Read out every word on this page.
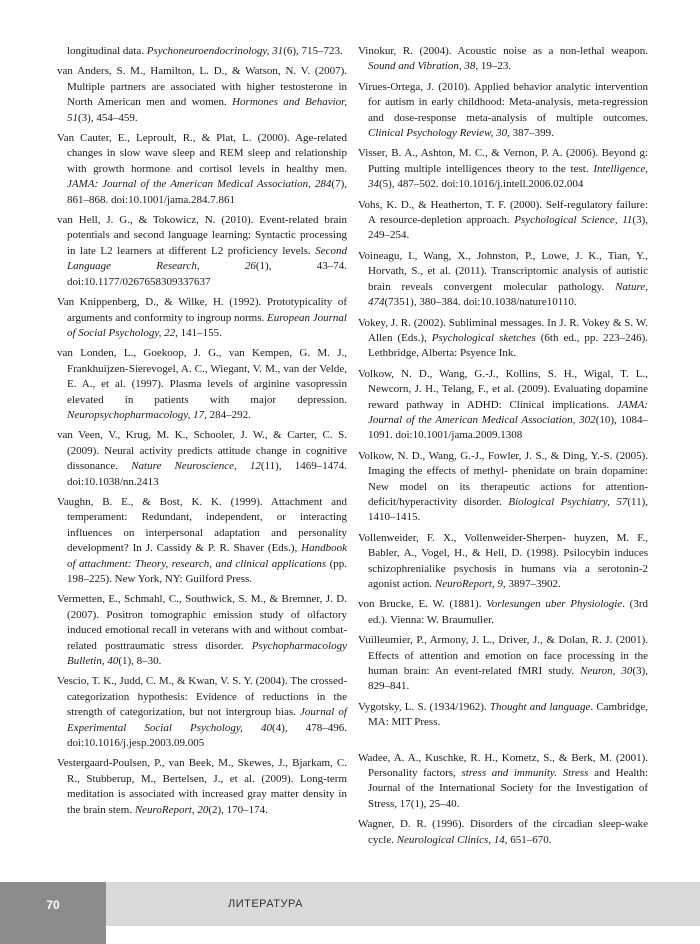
longitudinal data. Psychoneuroendocrinology, 31(6), 715–723.

van Anders, S. M., Hamilton, L. D., & Watson, N. V. (2007). Multiple partners are associated with higher testosterone in North American men and women. Hormones and Behavior, 51(3), 454–459.

Van Cauter, E., Leproult, R., & Plat, L. (2000). Age-related changes in slow wave sleep and REM sleep and relationship with growth hormone and cortisol levels in healthy men. JAMA: Journal of the American Medical Association, 284(7), 861–868. doi:10.1001/jama.284.7.861

van Hell, J. G., & Tokowicz, N. (2010). Event-related brain potentials and second language learning: Syntactic processing in late L2 learners at different L2 proficiency levels. Second Language Research, 26(1), 43–74. doi:10.1177/0267658309337637

Van Knippenberg, D., & Wilke, H. (1992). Prototypicality of arguments and conformity to ingroup norms. European Journal of Social Psychology, 22, 141–155.

van Londen, L., Goekoop, J. G., van Kempen, G. M. J., Frankhuijzen-Sierevogel, A. C., Wiegant, V. M., van der Velde, E. A., et al. (1997). Plasma levels of arginine vasopressin elevated in patients with major depression. Neuropsychopharmacology, 17, 284–292.

van Veen, V., Krug, M. K., Schooler, J. W., & Carter, C. S. (2009). Neural activity predicts attitude change in cognitive dissonance. Nature Neuroscience, 12(11), 1469–1474. doi:10.1038/nn.2413

Vaughn, B. E., & Bost, K. K. (1999). Attachment and temperament: Redundant, independent, or interacting influences on interpersonal adaptation and personality development? In J. Cassidy & P. R. Shaver (Eds.), Handbook of attachment: Theory, research, and clinical applications (pp. 198–225). New York, NY: Guilford Press.

Vermetten, E., Schmahl, C., Southwick, S. M., & Bremner, J. D. (2007). Positron tomographic emission study of olfactory induced emotional recall in veterans with and without combat-related posttraumatic stress disorder. Psychopharmacology Bulletin, 40(1), 8–30.

Vescio, T. K., Judd, C. M., & Kwan, V. S. Y. (2004). The crossed-categorization hypothesis: Evidence of reductions in the strength of categorization, but not intergroup bias. Journal of Experimental Social Psychology, 40(4), 478–496. doi:10.1016/j.jesp.2003.09.005

Vestergaard-Poulsen, P., van Beek, M., Skewes, J., Bjarkam, C. R., Stubberup, M., Bertelsen, J., et al. (2009). Long-term meditation is associated with increased gray matter density in the brain stem. NeuroReport, 20(2), 170–174.

Vinokur, R. (2004). Acoustic noise as a non-lethal weapon. Sound and Vibration, 38, 19–23.

Virues-Ortega, J. (2010). Applied behavior analytic intervention for autism in early childhood: Meta-analysis, meta-regression and dose-response meta-analysis of multiple outcomes. Clinical Psychology Review, 30, 387–399.

Visser, B. A., Ashton, M. C., & Vernon, P. A. (2006). Beyond g: Putting multiple intelligences theory to the test. Intelligence, 34(5), 487–502. doi:10.1016/j.intell.2006.02.004

Vohs, K. D., & Heatherton, T. F. (2000). Self-regulatory failure: A resource-depletion approach. Psychological Science, 11(3), 249–254.

Voineagu, I., Wang, X., Johnston, P., Lowe, J. K., Tian, Y., Horvath, S., et al. (2011). Transcriptomic analysis of autistic brain reveals convergent molecular pathology. Nature, 474(7351), 380–384. doi:10.1038/nature10110.

Vokey, J. R. (2002). Subliminal messages. In J. R. Vokey & S. W. Allen (Eds.), Psychological sketches (6th ed., pp. 223–246). Lethbridge, Alberta: Psyence Ink.

Volkow, N. D., Wang, G.-J., Kollins, S. H., Wigal, T. L., Newcorn, J. H., Telang, F., et al. (2009). Evaluating dopamine reward pathway in ADHD: Clinical implications. JAMA: Journal of the American Medical Association, 302(10), 1084–1091. doi:10.1001/jama.2009.1308

Volkow, N. D., Wang, G.-J., Fowler, J. S., & Ding, Y.-S. (2005). Imaging the effects of methyl- phenidate on brain dopamine: New model on its therapeutic actions for attention-deficit/hyperactivity disorder. Biological Psychiatry, 57(11), 1410–1415.

Vollenweider, F. X., Vollenweider-Sherpen- huyzen, M. F., Babler, A., Vogel, H., & Hell, D. (1998). Psilocybin induces schizophrenialike psychosis in humans via a serotonin-2 agonist action. NeuroReport, 9, 3897–3902.

von Brucke, E. W. (1881). Vorlesungen uber Physiologie. (3rd ed.). Vienna: W. Braumuller.

Vuilleumier, P., Armony, J. L., Driver, J., & Dolan, R. J. (2001). Effects of attention and emotion on face processing in the human brain: An event-related fMRI study. Neuron, 30(3), 829–841.

Vygotsky, L. S. (1934/1962). Thought and language. Cambridge, MA: MIT Press.

Wadee, A. A., Kuschke, R. H., Kometz, S., & Berk, M. (2001). Personality factors, stress and immunity. Stress and Health: Journal of the International Society for the Investigation of Stress, 17(1), 25–40.

Wagner, D. R. (1996). Disorders of the circadian sleep-wake cycle. Neurological Clinics, 14, 651–670.

ЛИТЕРАТУРА
70
